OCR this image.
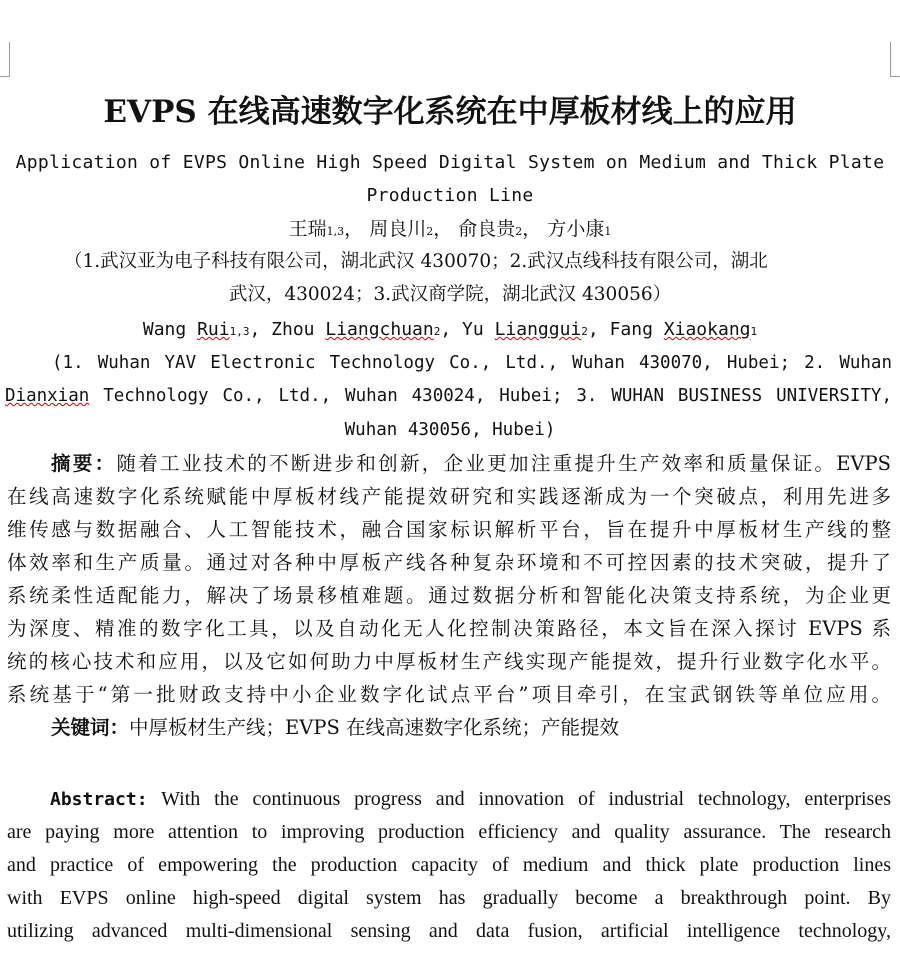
EVPS 在线高速数字化系统在中厚板材线上的应用
Application of EVPS Online High Speed Digital System on Medium and Thick Plate
Production Line
王瑞1,3， 周良川2， 俞良贵2， 方小康1
（1.武汉亚为电子科技有限公司，湖北武汉 430070；2.武汉点线科技有限公司，湖北
武汉，430024；3.武汉商学院，湖北武汉 430056）
Wang Rui1,3, Zhou Liangchuan2, Yu Lianggui2, Fang Xiaokang1
(1. Wuhan YAV Electronic Technology Co., Ltd., Wuhan 430070, Hubei; 2. Wuhan
Dianxian Technology Co., Ltd., Wuhan 430024, Hubei; 3. WUHAN BUSINESS UNIVERSITY,
Wuhan 430056, Hubei)
摘要：随着工业技术的不断进步和创新，企业更加注重提升生产效率和质量保证。EVPS
在线高速数字化系统赋能中厚板材线产能提效研究和实践逐渐成为一个突破点，利用先进多
维传感与数据融合、人工智能技术，融合国家标识解析平台，旨在提升中厚板材生产线的整
体效率和生产质量。通过对各种中厚板产线各种复杂环境和不可控因素的技术突破，提升了
系统柔性适配能力，解决了场景移植难题。通过数据分析和智能化决策支持系统，为企业更
为深度、精准的数字化工具，以及自动化无人化控制决策路径，本文旨在深入探讨 EVPS 系
统的核心技术和应用，以及它如何助力中厚板材生产线实现产能提效，提升行业数字化水平。
系统基于“第一批财政支持中小企业数字化试点平台”项目牵引，在宝武钢铁等单位应用。
关键词：中厚板材生产线；EVPS 在线高速数字化系统；产能提效
Abstract: With the continuous progress and innovation of industrial technology, enterprises
are paying more attention to improving production efficiency and quality assurance. The research
and practice of empowering the production capacity of medium and thick plate production lines
with EVPS online high-speed digital system has gradually become a breakthrough point. By
utilizing advanced multi-dimensional sensing and data fusion, artificial intelligence technology,
